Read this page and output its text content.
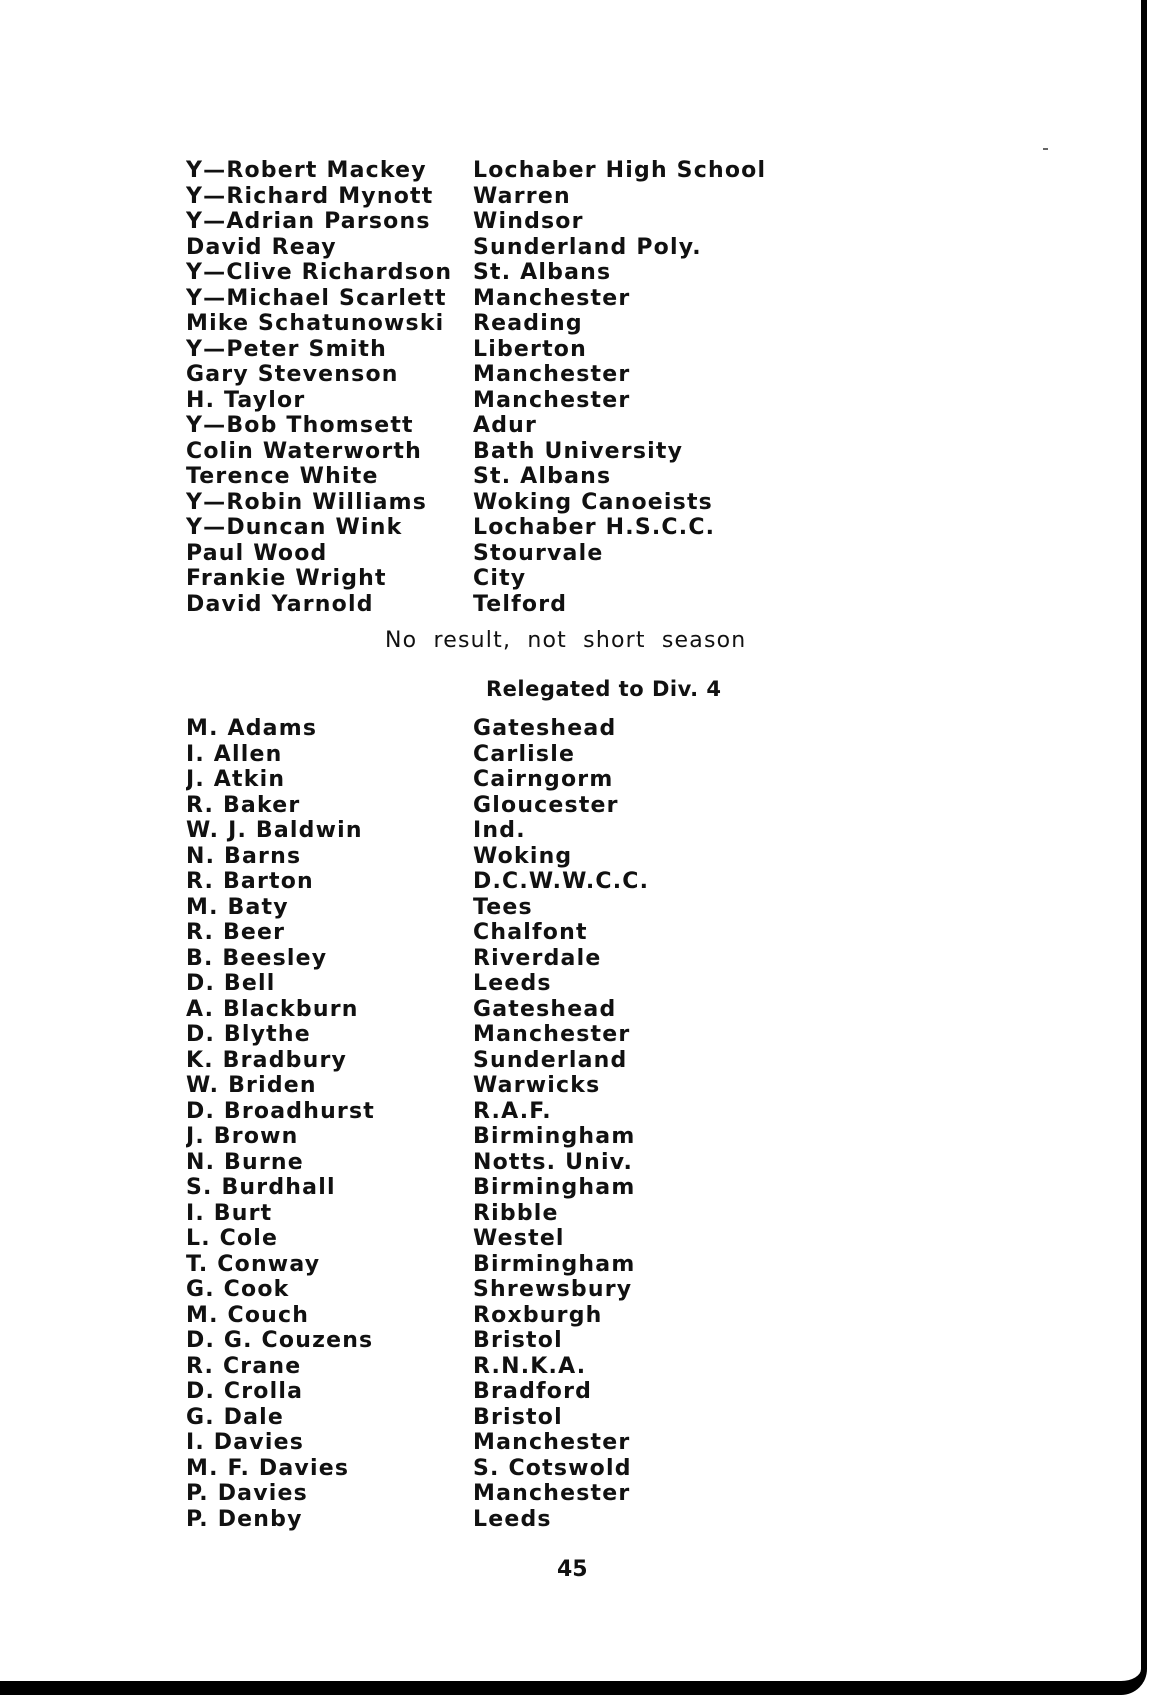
Y—Robert Mackey	Lochaber High School
Y—Richard Mynott	Warren
Y—Adrian Parsons	Windsor
David Reay	Sunderland Poly.
Y—Clive Richardson St. Albans
Y—Michael Scarlett	Manchester
Mike Schatunowski	Reading
Y—Peter Smith	Liberton
Gary Stevenson	Manchester
H. Taylor	Manchester
Y—Bob Thomsett	Adur
Colin Waterworth	Bath University
Terence White	St. Albans
Y—Robin Williams	Woking Canoeists
Y—Duncan Wink	Lochaber H.S.C.C.
Paul Wood	Stourvale
Frankie Wright	City
David Yarnold	Telford
No result, not short season
Relegated to Div. 4
M. Adams	Gateshead
I. Allen	Carlisle
J. Atkin	Cairngorm
R. Baker	Gloucester
W. J. Baldwin	Ind.
N. Barns	Woking
R. Barton	D.C.W.W.C.C.
M. Baty	Tees
R. Beer	Chalfont
B. Beesley	Riverdale
D. Bell	Leeds
A. Blackburn	Gateshead
D. Blythe	Manchester
K. Bradbury	Sunderland
W. Briden	Warwicks
D. Broadhurst	R.A.F.
J. Brown	Birmingham
N. Burne	Notts. Univ.
S. Burdhall	Birmingham
I. Burt	Ribble
L. Cole	Westel
T. Conway	Birmingham
G. Cook	Shrewsbury
M. Couch	Roxburgh
D. G. Couzens	Bristol
R. Crane	R.N.K.A.
D. Crolla	Bradford
G. Dale	Bristol
I. Davies	Manchester
M. F. Davies	S. Cotswold
P. Davies	Manchester
P. Denby	Leeds
45
